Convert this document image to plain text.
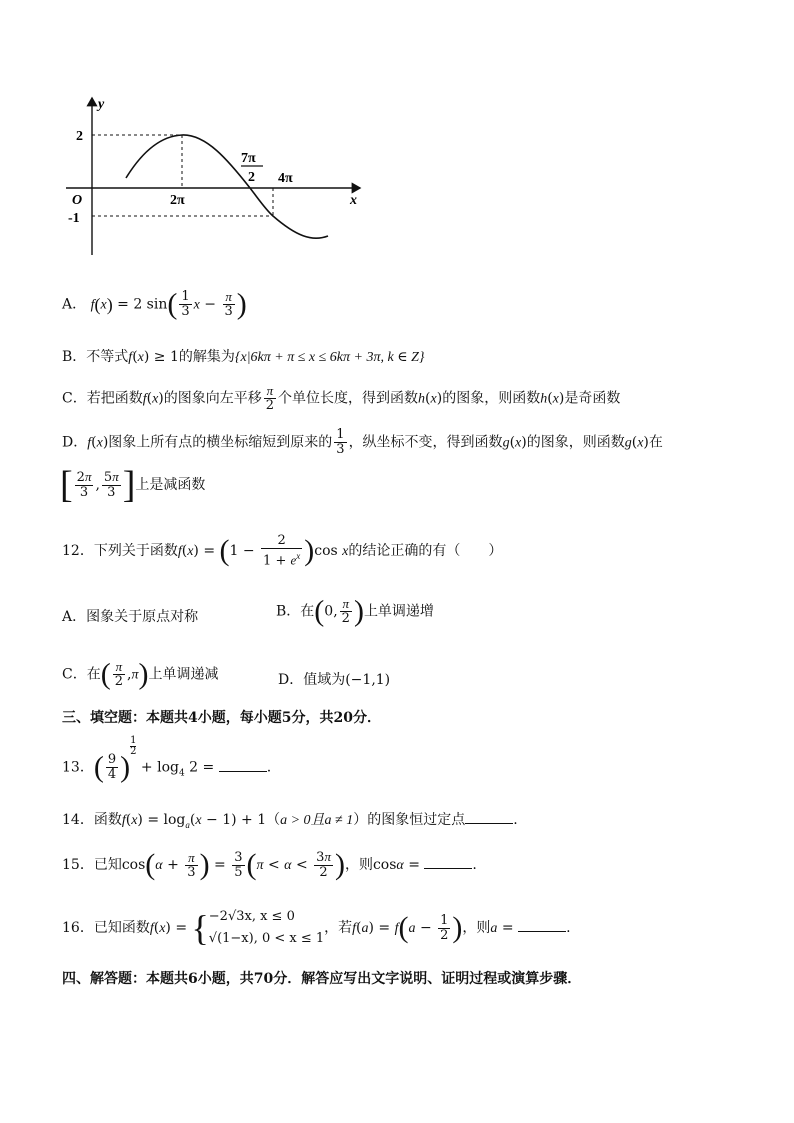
y
x
O
2
-1
2π
7π
2 4π
A． f(x) = 2 $\sin( \frac{1}{3}$ $x - \frac{\pi}{3}$ )
B．不等式f(x) ≥ 1的解集为{x|6kπ + π ≤ x ≤ 6kπ + 3π, k ∈ Z}
C．若把函数f(x)的图象向左平移 $\frac{\pi}{2}$ 个单位长度，得到函数h(x)的图象，则函数h(x)是奇函数
D．f(x)图象上所有点的横坐标缩短到原来的 $\frac{1}{3}$ ，纵坐标不变，得到函数g(x)的图象，则函数g(x)在
[ $\frac{2\pi}{3}$ , $\frac{5\pi}{3}$ ]上是减函数
12．下列关于函数$f(x) = (1 - \frac{2}{1 + e^x} )\cos$ x的结论正确的有（　　）
A．图象关于原点对称	B．在(0, $\frac{\pi}{2}$ )上单调递增
C．在( $\frac{\pi}{2} ,\pi$)上单调递减	D．值域为(−1,1)
三、填空题：本题共4小题，每小题5分，共20分．
13．( $\frac{9}{4}$ )
$^{\frac{1}{2}}$
+ $\log_4 2$ =	.
14．函数$f(x) = \log_a(x - 1) + 1(a > 0$且a ≠ 1）的图象恒过定点	.
15．已知$\cos(\alpha + \frac{\pi}{3}$ ) = $\frac{3}{5} (\pi < \alpha < \frac{3\pi}{2}$ )，则cosα =	.
16．已知函数f(x) = { −2√3x, x ≤ 0
√(1−x), 0 < x ≤ 1
，若$f(a) = f(a - \frac{1}{2}$ )，则a =	.
四、解答题：本题共6小题，共70分．解答应写出文字说明、证明过程或演算步骤．
